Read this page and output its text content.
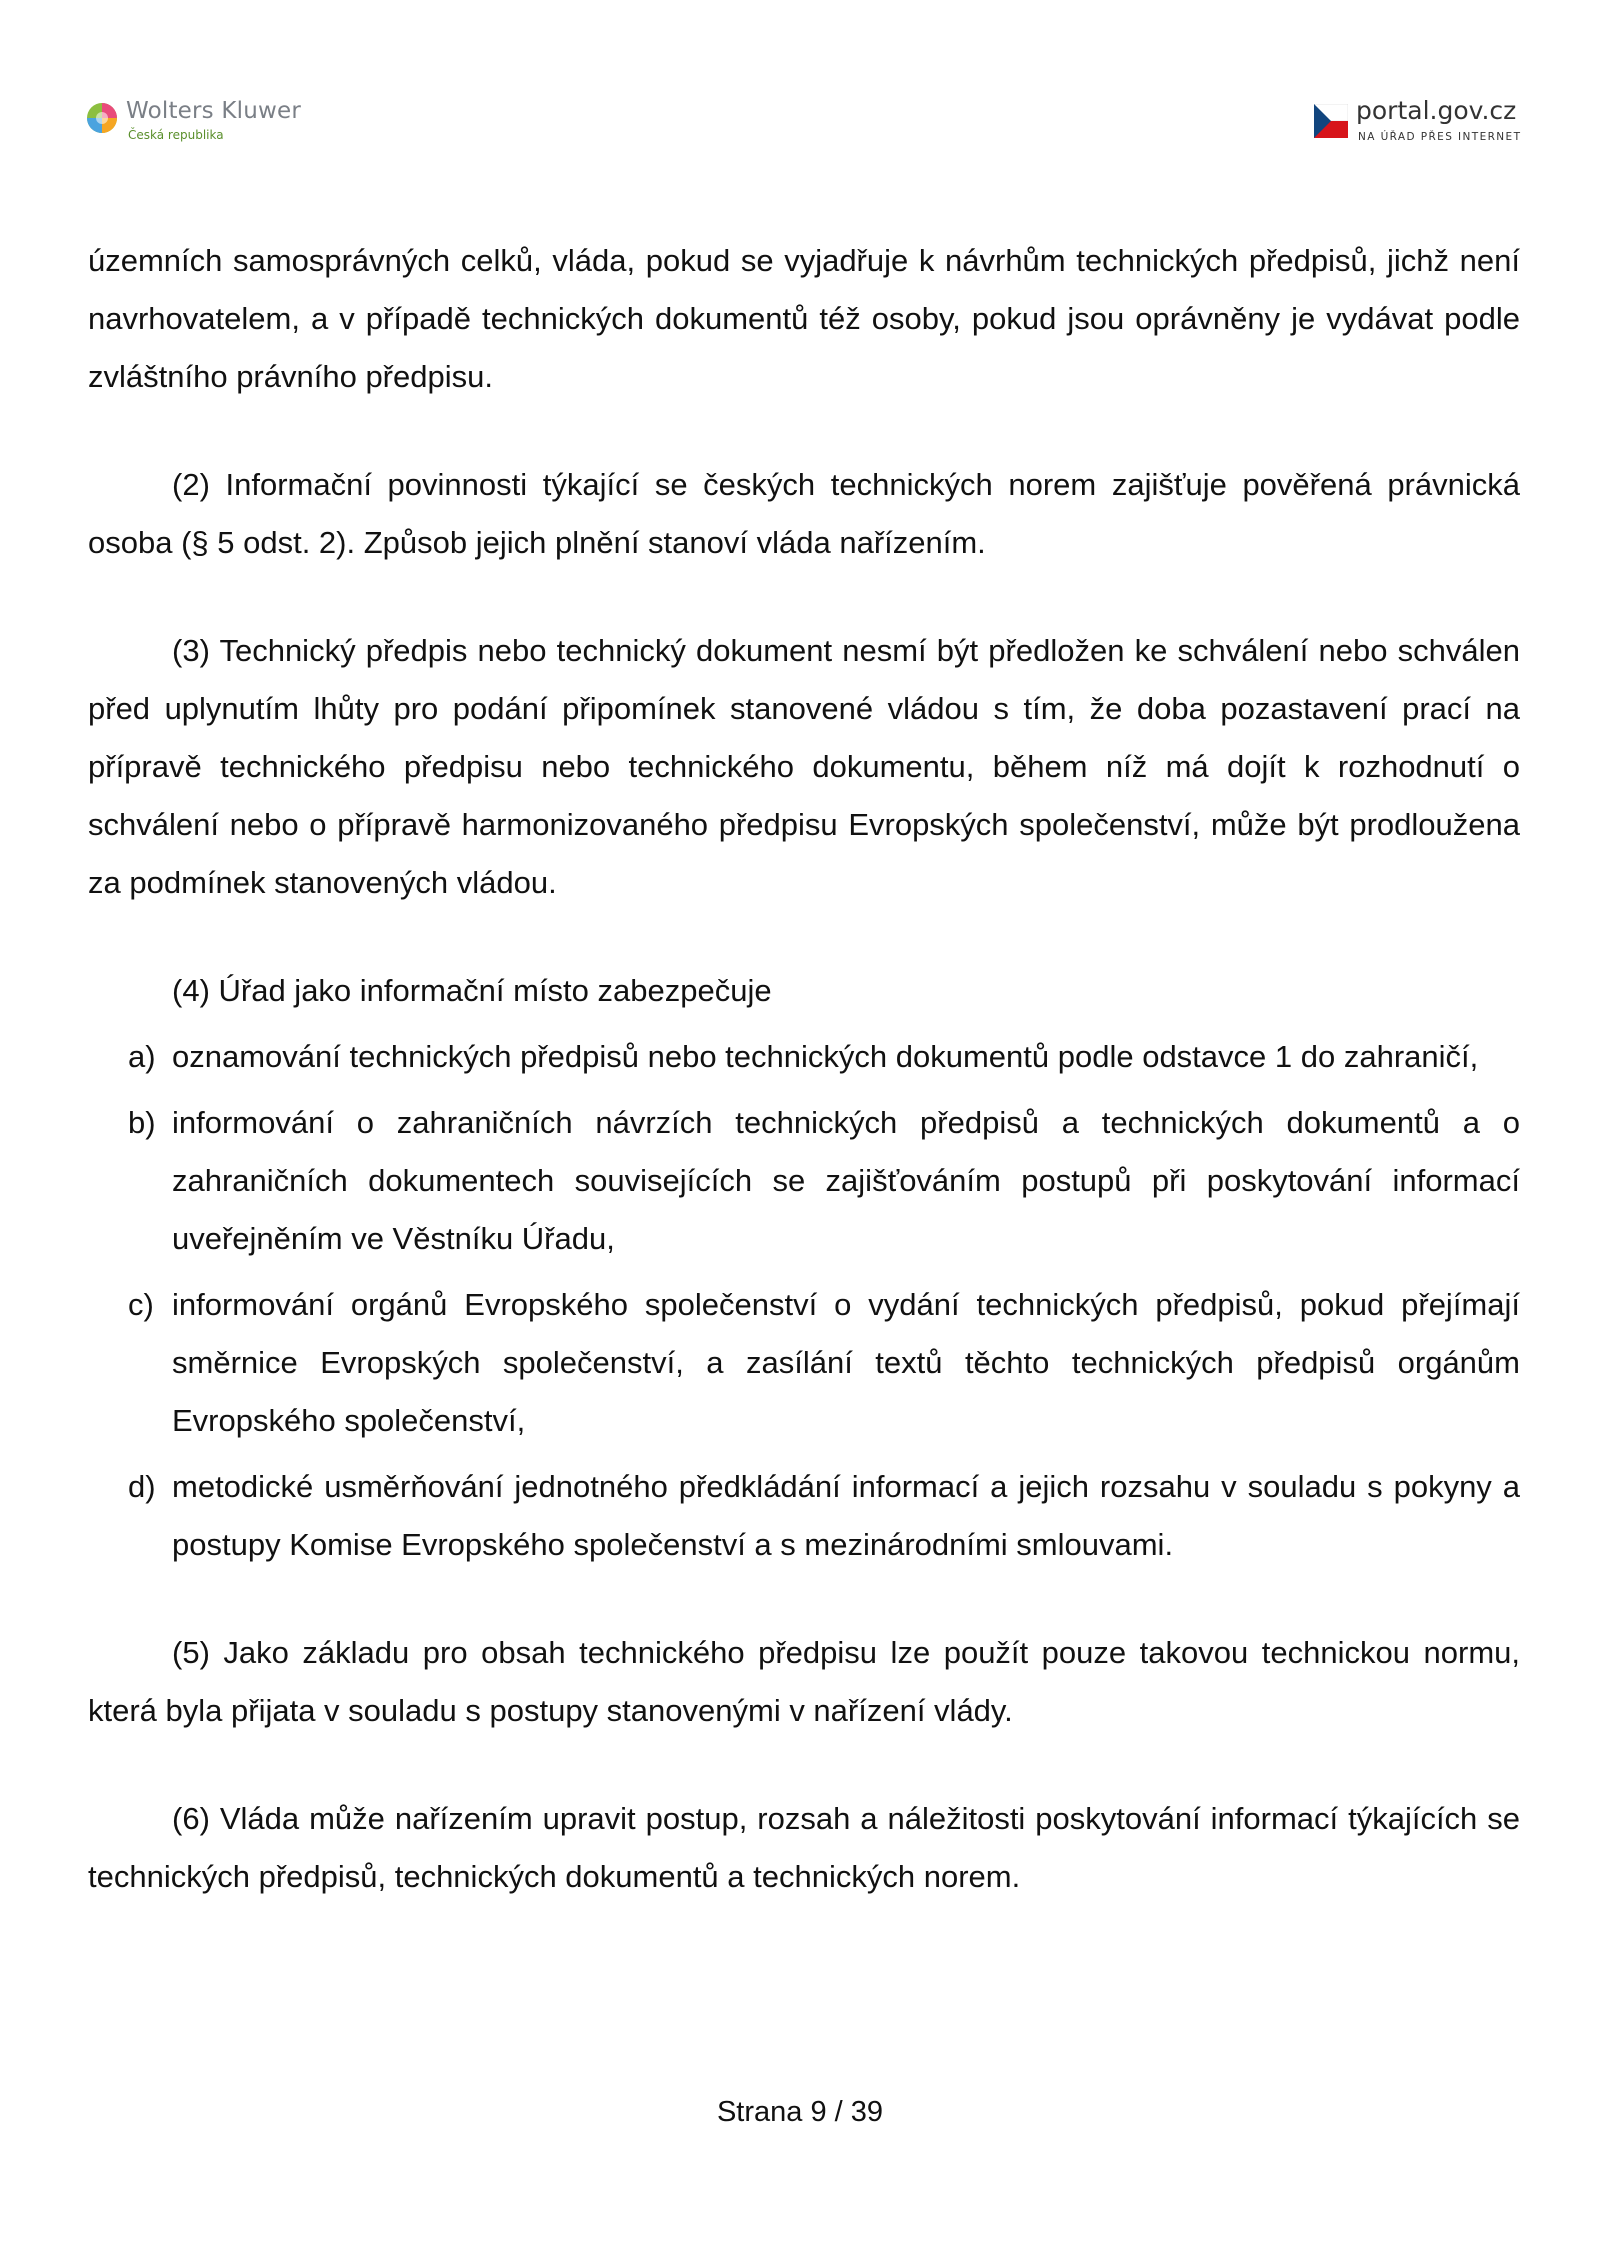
Wolters Kluwer
Česká republika
portal.gov.cz
NA ÚŘAD PŘES INTERNET

územních samosprávných celků, vláda, pokud se vyjadřuje k návrhům technických předpisů, jichž není navrhovatelem, a v případě technických dokumentů též osoby, pokud jsou oprávněny je vydávat podle zvláštního právního předpisu.

(2) Informační povinnosti týkající se českých technických norem zajišťuje pověřená právnická osoba (§ 5 odst. 2). Způsob jejich plnění stanoví vláda nařízením.

(3) Technický předpis nebo technický dokument nesmí být předložen ke schválení nebo schválen před uplynutím lhůty pro podání připomínek stanovené vládou s tím, že doba pozastavení prací na přípravě technického předpisu nebo technického dokumentu, během níž má dojít k rozhodnutí o schválení nebo o přípravě harmonizovaného předpisu Evropských společenství, může být prodloužena za podmínek stanovených vládou.

(4) Úřad jako informační místo zabezpečuje

a) oznamování technických předpisů nebo technických dokumentů podle odstavce 1 do zahraničí,
b) informování o zahraničních návrzích technických předpisů a technických dokumentů a o zahraničních dokumentech souvisejících se zajišťováním postupů při poskytování informací uveřejněním ve Věstníku Úřadu,
c) informování orgánů Evropského společenství o vydání technických předpisů, pokud přejímají směrnice Evropských společenství, a zasílání textů těchto technických předpisů orgánům Evropského společenství,
d) metodické usměrňování jednotného předkládání informací a jejich rozsahu v souladu s pokyny a postupy Komise Evropského společenství a s mezinárodními smlouvami.

(5) Jako základu pro obsah technického předpisu lze použít pouze takovou technickou normu, která byla přijata v souladu s postupy stanovenými v nařízení vlády.

(6) Vláda může nařízením upravit postup, rozsah a náležitosti poskytování informací týkajících se technických předpisů, technických dokumentů a technických norem.

Strana 9 / 39
